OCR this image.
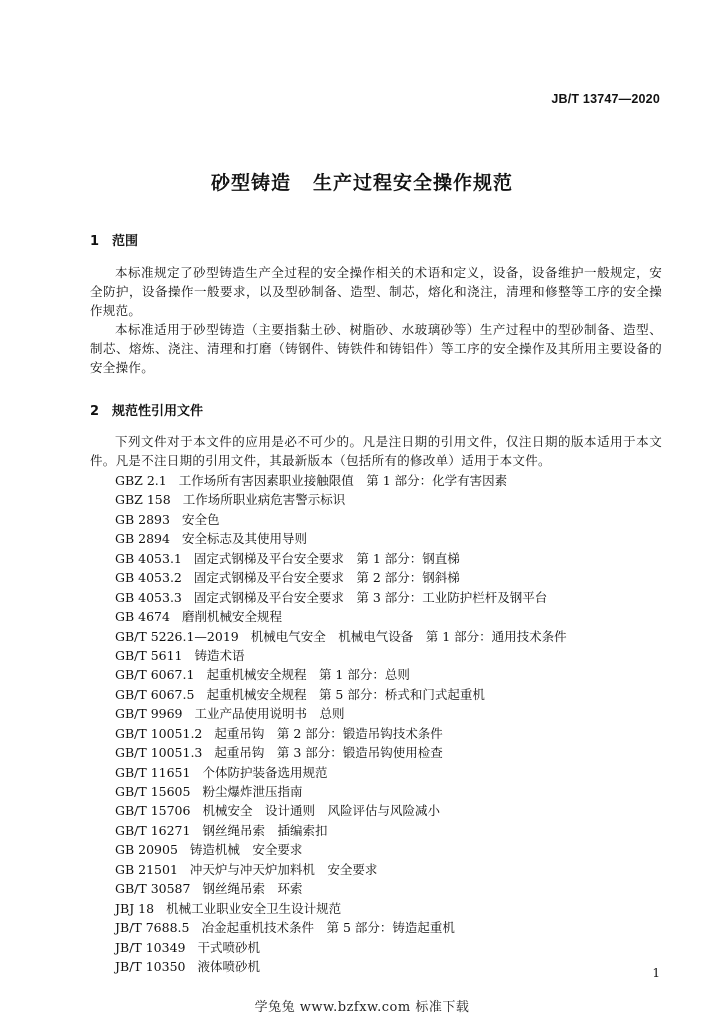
JB/T 13747—2020
砂型铸造 生产过程安全操作规范
1 范围

本标准规定了砂型铸造生产全过程的安全操作相关的术语和定义，设备，设备维护一般规定，安全防护，设备操作一般要求，以及型砂制备、造型、制芯，熔化和浇注，清理和修整等工序的安全操作规范。

本标准适用于砂型铸造（主要指黏土砂、树脂砂、水玻璃砂等）生产过程中的型砂制备、造型、制芯、熔炼、浇注、清理和打磨（铸钢件、铸铁件和铸铝件）等工序的安全操作及其所用主要设备的安全操作。

2 规范性引用文件

下列文件对于本文件的应用是必不可少的。凡是注日期的引用文件，仅注日期的版本适用于本文件。凡是不注日期的引用文件，其最新版本（包括所有的修改单）适用于本文件。

GBZ 2.1 工作场所有害因素职业接触限值　第 1 部分：化学有害因素
GBZ 158 工作场所职业病危害警示标识
GB 2893 安全色
GB 2894 安全标志及其使用导则
GB 4053.1 固定式钢梯及平台安全要求　第 1 部分：钢直梯
GB 4053.2 固定式钢梯及平台安全要求　第 2 部分：钢斜梯
GB 4053.3 固定式钢梯及平台安全要求　第 3 部分：工业防护栏杆及钢平台
GB 4674 磨削机械安全规程
GB/T 5226.1—2019 机械电气安全　机械电气设备　第 1 部分：通用技术条件
GB/T 5611 铸造术语
GB/T 6067.1 起重机械安全规程　第 1 部分：总则
GB/T 6067.5 起重机械安全规程　第 5 部分：桥式和门式起重机
GB/T 9969 工业产品使用说明书　总则
GB/T 10051.2 起重吊钩　第 2 部分：锻造吊钩技术条件
GB/T 10051.3 起重吊钩　第 3 部分：锻造吊钩使用检查
GB/T 11651 个体防护装备选用规范
GB/T 15605 粉尘爆炸泄压指南
GB/T 15706 机械安全　设计通则　风险评估与风险减小
GB/T 16271 钢丝绳吊索　插编索扣
GB 20905 铸造机械　安全要求
GB 21501 冲天炉与冲天炉加料机　安全要求
GB/T 30587 钢丝绳吊索　环索
JBJ 18 机械工业职业安全卫生设计规范
JB/T 7688.5 冶金起重机技术条件　第 5 部分：铸造起重机
JB/T 10349 干式喷砂机
JB/T 10350 液体喷砂机	1
学兔兔 www.bzfxw.com 标准下载
